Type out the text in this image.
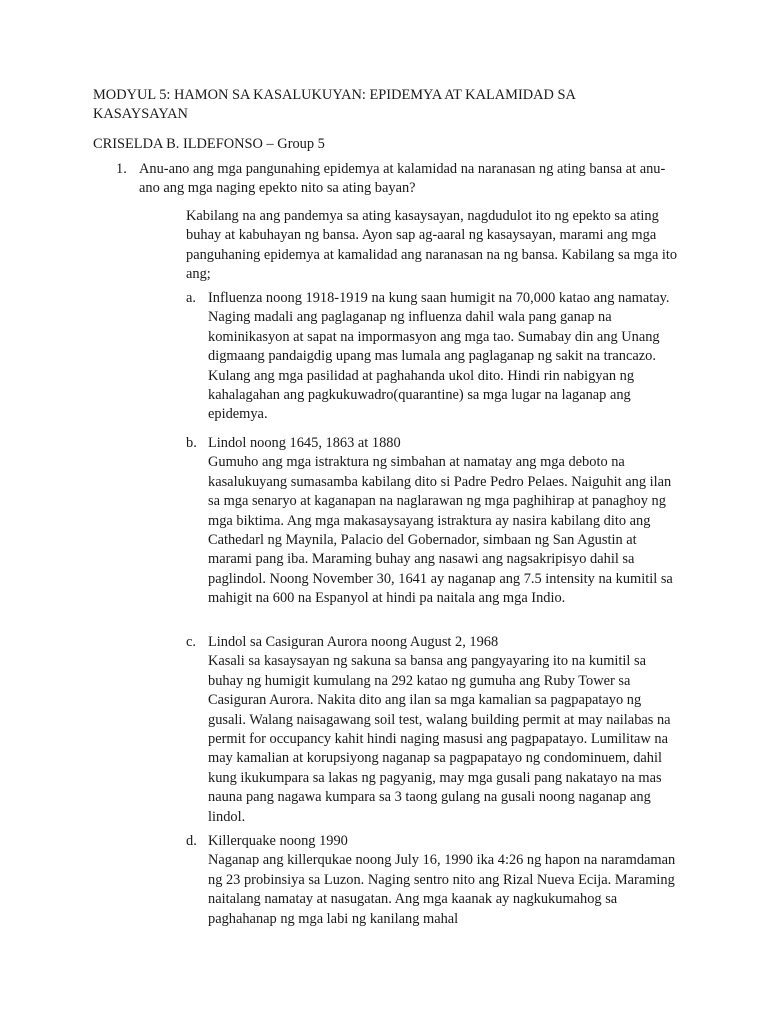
MODYUL 5: HAMON SA KASALUKUYAN: EPIDEMYA AT KALAMIDAD SA KASAYSAYAN
CRISELDA B. ILDEFONSO – Group 5
1. Anu-ano ang mga pangunahing epidemya at kalamidad na naranasan ng ating bansa at anu-ano ang mga naging epekto nito sa ating bayan?
Kabilang na ang pandemya sa ating kasaysayan, nagdudulot ito ng epekto sa ating buhay at kabuhayan ng bansa. Ayon sap ag-aaral ng kasaysayan, marami ang mga panguhaning epidemya at kamalidad ang naranasan na ng bansa. Kabilang sa mga ito ang;
a. Influenza noong 1918-1919 na kung saan humigit na 70,000 katao ang namatay. Naging madali ang paglaganap ng influenza dahil wala pang ganap na kominikasyon at sapat na impormasyon ang mga tao. Sumabay din ang Unang digmaang pandaigdig upang mas lumala ang paglaganap ng sakit na trancazo. Kulang ang mga pasilidad at paghahanda ukol dito. Hindi rin nabigyan ng kahalagahan ang pagkukuwadro(quarantine) sa mga lugar na laganap ang epidemya.
b. Lindol noong 1645, 1863 at 1880
Gumuho ang mga istraktura ng simbahan at namatay ang mga deboto na kasalukuyang sumasamba kabilang dito si Padre Pedro Pelaes. Naiguhit ang ilan sa mga senaryo at kaganapan na naglarawan ng mga paghihirap at panaghoy ng mga biktima. Ang mga makasaysayang istraktura ay nasira kabilang dito ang Cathedarl ng Maynila, Palacio del Gobernador, simbaan ng San Agustin at marami pang iba. Maraming buhay ang nasawi ang nagsakripisyo dahil sa paglindol. Noong November 30, 1641 ay naganap ang 7.5 intensity na kumitil sa mahigit na 600 na Espanyol at hindi pa naitala ang mga Indio.
c. Lindol sa Casiguran Aurora noong August 2, 1968
Kasali sa kasaysayan ng sakuna sa bansa ang pangyayaring ito na kumitil sa buhay ng humigit kumulang na 292 katao ng gumuha ang Ruby Tower sa Casiguran Aurora. Nakita dito ang ilan sa mga kamalian sa pagpapatayo ng gusali. Walang naisagawang soil test, walang building permit at may nailabas na permit for occupancy kahit hindi naging masusi ang pagpapatayo. Lumilitaw na may kamalian at korupsiyong naganap sa pagpapatayo ng condominuem, dahil kung ikukumpara sa lakas ng pagyanig, may mga gusali pang nakatayo na mas nauna pang nagawa kumpara sa 3 taong gulang na gusali noong naganap ang lindol.
d. Killerquake noong 1990
Naganap ang killerqukae noong July 16, 1990 ika 4:26 ng hapon na naramdaman ng 23 probinsiya sa Luzon. Naging sentro nito ang Rizal Nueva Ecija. Maraming naitalang namatay at nasugatan. Ang mga kaanak ay nagkukumahog sa paghahanap ng mga labi ng kanilang mahal
